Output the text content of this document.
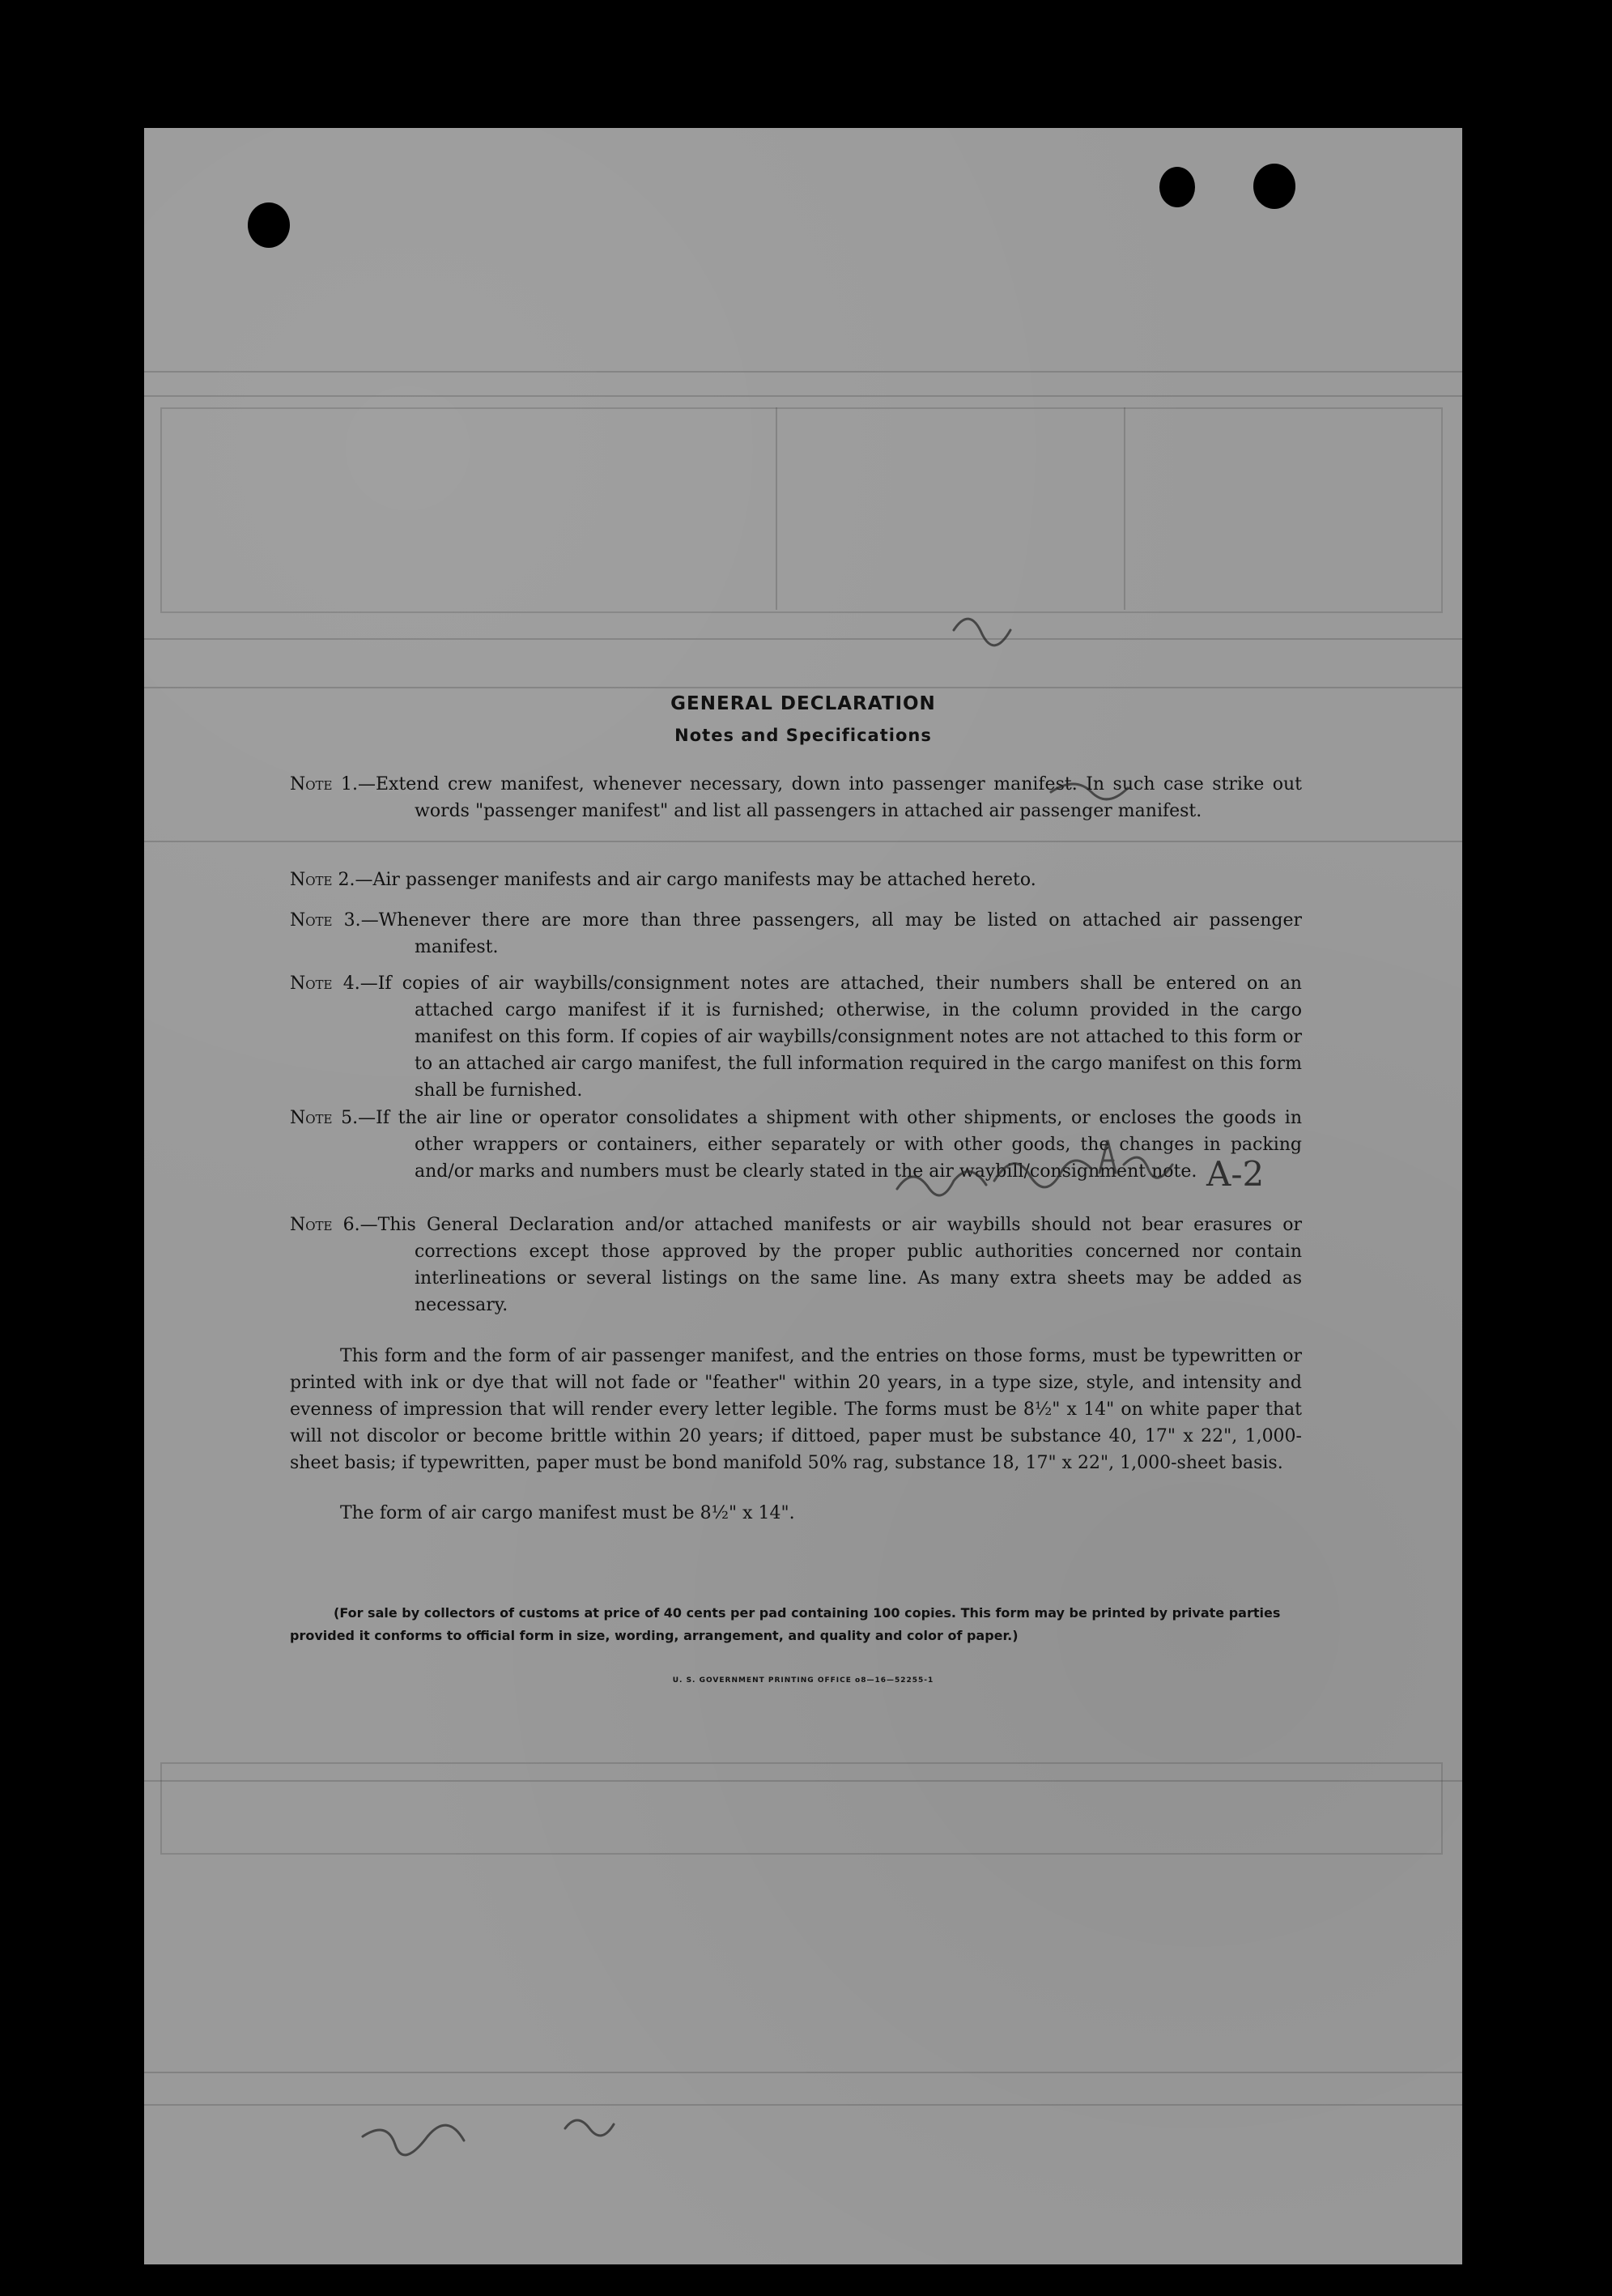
GENERAL DECLARATION
Notes and Specifications
Note 1.—Extend crew manifest, whenever necessary, down into passenger manifest. In such case strike out words "passenger manifest" and list all passengers in attached air passenger manifest.
Note 2.—Air passenger manifests and air cargo manifests may be attached hereto.
Note 3.—Whenever there are more than three passengers, all may be listed on attached air passenger manifest.
Note 4.—If copies of air waybills/consignment notes are attached, their numbers shall be entered on an attached cargo manifest if it is furnished; otherwise, in the column provided in the cargo manifest on this form. If copies of air waybills/consignment notes are not attached to this form or to an attached air cargo manifest, the full information required in the cargo manifest on this form shall be furnished.
Note 5.—If the air line or operator consolidates a shipment with other shipments, or encloses the goods in other wrappers or containers, either separately or with other goods, the changes in packing and/or marks and numbers must be clearly stated in the air waybill/consignment note.
Note 6.—This General Declaration and/or attached manifests or air waybills should not bear erasures or corrections except those approved by the proper public authorities concerned nor contain interlineations or several listings on the same line. As many extra sheets may be added as necessary.
This form and the form of air passenger manifest, and the entries on those forms, must be typewritten or printed with ink or dye that will not fade or "feather" within 20 years, in a type size, style, and intensity and evenness of impression that will render every letter legible. The forms must be 8½" x 14" on white paper that will not discolor or become brittle within 20 years; if dittoed, paper must be substance 40, 17" x 22", 1,000-sheet basis; if typewritten, paper must be bond manifold 50% rag, substance 18, 17" x 22", 1,000-sheet basis.
The form of air cargo manifest must be 8½" x 14".
(For sale by collectors of customs at price of 40 cents per pad containing 100 copies. This form may be printed by private parties provided it conforms to official form in size, wording, arrangement, and quality and color of paper.)
U. S. GOVERNMENT PRINTING OFFICE o8—16—52255-1
A-2
